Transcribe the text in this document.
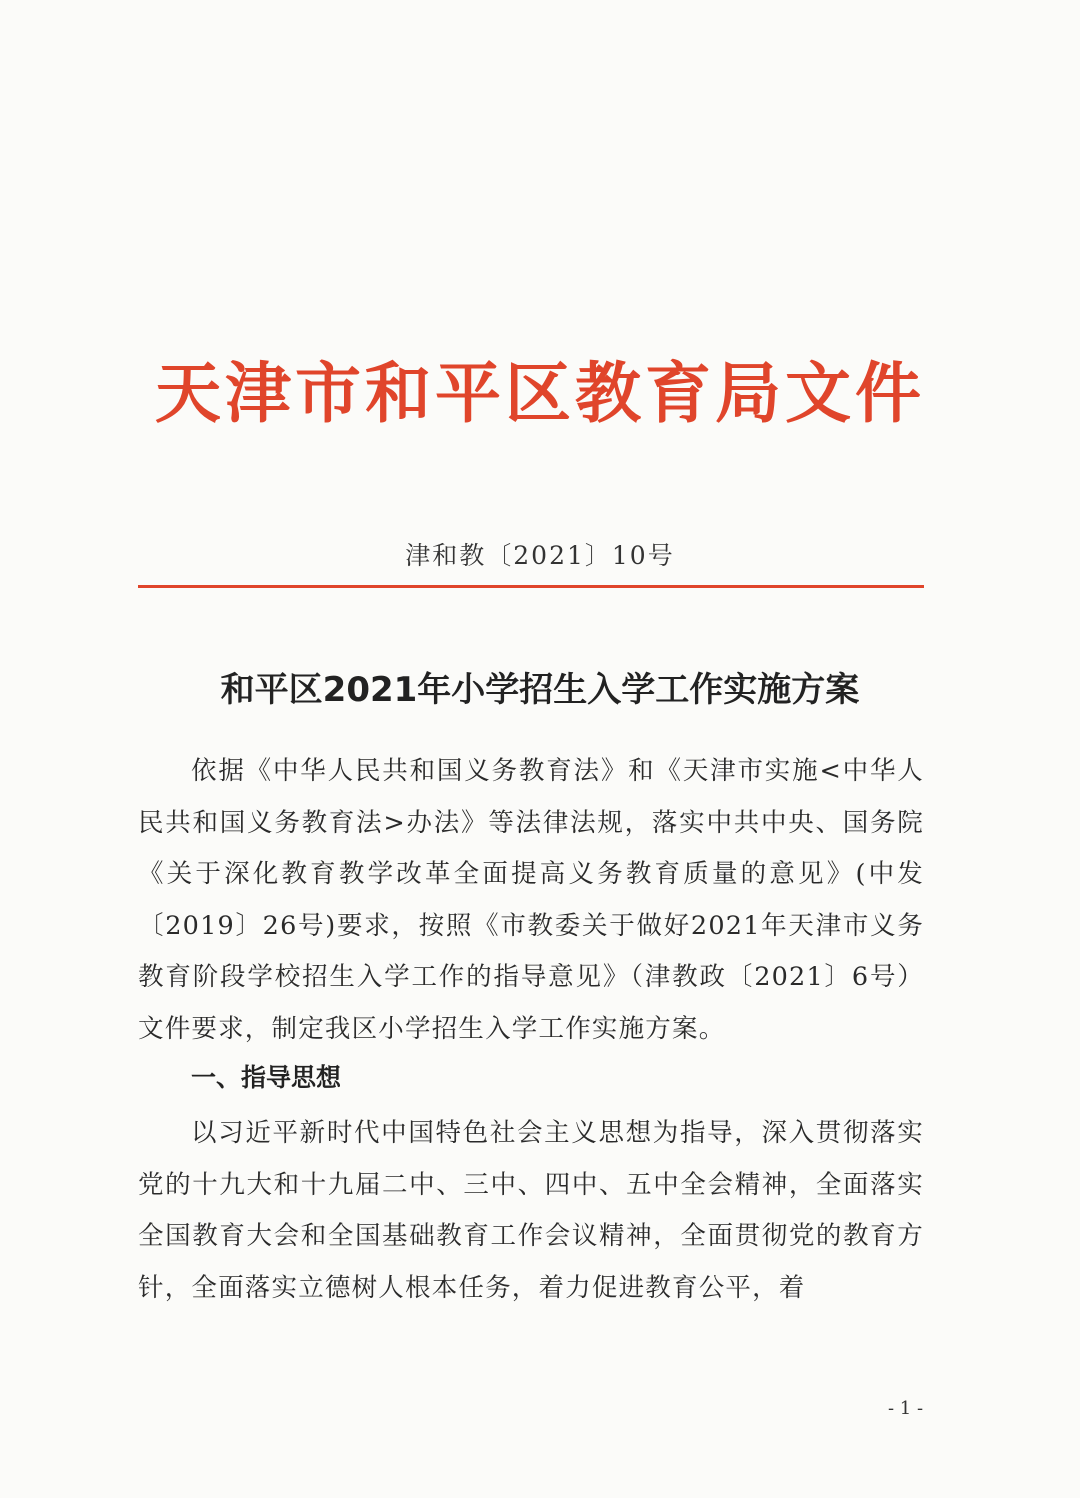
天津市和平区教育局文件
津和教〔2021〕10号
和平区2021年小学招生入学工作实施方案
依据《中华人民共和国义务教育法》和《天津市实施<中华人民共和国义务教育法>办法》等法律法规，落实中共中央、国务院《关于深化教育教学改革全面提高义务教育质量的意见》(中发〔2019〕26号)要求，按照《市教委关于做好2021年天津市义务教育阶段学校招生入学工作的指导意见》（津教政〔2021〕6号）文件要求，制定我区小学招生入学工作实施方案。
一、指导思想
以习近平新时代中国特色社会主义思想为指导，深入贯彻落实党的十九大和十九届二中、三中、四中、五中全会精神，全面落实全国教育大会和全国基础教育工作会议精神，全面贯彻党的教育方针，全面落实立德树人根本任务，着力促进教育公平，着
- 1 -
